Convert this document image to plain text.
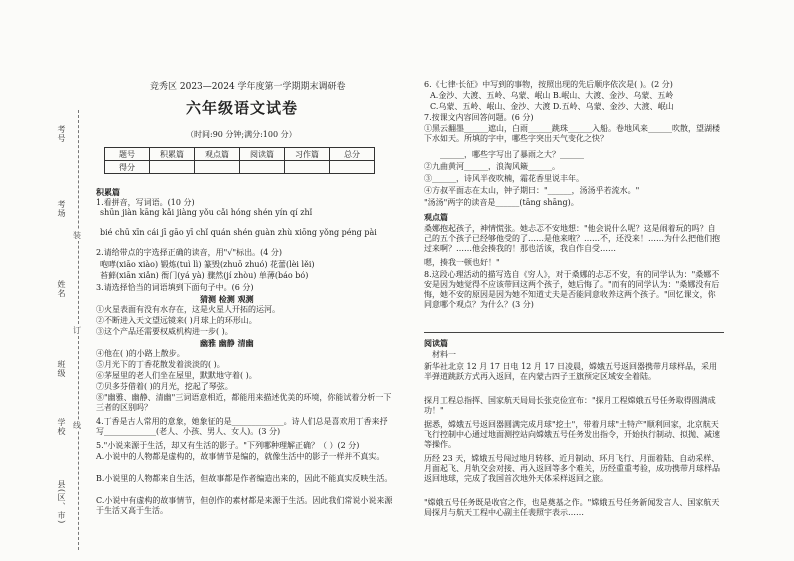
考号
考场
姓名
班级
学校
县(区、市)
装
订
线
竞秀区 2023—2024 学年度第一学期期末调研卷
六年级语文试卷
（时间:90 分钟;满分:100 分）
题号	积累篇	观点篇	阅读篇	习作篇	总分
得分					
积累篇
1.看拼音，写词语。(10 分)
shūn jiàn kāng kǎi jiàng yǒu cǎi hóng shén yín qí zhǐ
bié chū xīn cái jī gāo yī chǐ quán shén guàn zhù xiōng yǒng péng pài
2.请给带点的字选择正确的读音，用"√"标出。(4 分)
咆哮(xiāo xiào) 锻炼(tuì lì) 篆毁(zhuō zhuó) 花蕾(lèi lěi)
苔藓(xiān xiǎn) 衙门(yá yà) 骤然(jí zhòu) 单薄(báo bó)
3.请选择恰当的词语填到下面句子中。(6 分)
猜测 检测 观测
①火星表面有没有水存在，这是火星人开拓的运河。
②不断进入天文望远镜来( )月球上的环形山。
③这个产品还需要权威机构进一步( )。
幽雅 幽静 清幽
④他在( )的小路上散步。
⑤月光下的丁香花散发着淡淡的( )。
⑥茅屋里的老人们坐在屋里，默默地守着( )。
⑦贝多芬借着( )的月光，挖起了琴弦。
⑧"幽雅、幽静、清幽"三词语意相近，都能用来描述优美的环境，你能试着分析一下三者的区别吗？
4.丁香是古人常用的意象，她象征的是_____________。诗人们总是喜欢用丁香来抒写_____________(老人、小孩、男人、女人)。(3 分)
5."小说来源于生活，却又有生活的影子。"下列哪种理解正确？（ ）(2 分)
A.小说中的人物都是虚构的，故事情节是编的，就像生活中的影子一样并不真实。
B.小说里的人物都来自生活，但故事都是作者编造出来的，因此不能真实反映生活。
C.小说中有虚构的故事情节，但创作的素材都是来源于生活。因此我们常说小说来源于生活又高于生活。
6.《七律·长征》中写到的事物，按照出现的先后顺序依次是( )。(2 分)
A.金沙、大渡、五岭、乌蒙、岷山 B.岷山、大渡、金沙、乌蒙、五岭
C.乌蒙、五岭、岷山、金沙、大渡 D.五岭、乌蒙、金沙、大渡、岷山
7.按课文内容回答问题。(6 分)
①黑云翻墨______遮山，白雨______跳珠______入船。卷地风来______吹散，望湖楼下水如天。所填的字中，哪些字突出天气变化之快？
______，哪些字写出了暴雨之大？______
②九曲黄河______，浪淘风簸______。
③______，诗风半夜吹楠，霜花香里说丰年。
④方叔平面志在太山，钟子期曰："______，汤汤乎若流水。"
"汤汤"两字的读音是______(tāng shāng)。
观点篇
桑娜抱起孩子，神情慌张。她忐忑不安地想："他会说什么呢？这是闹着玩的吗？自己的五个孩子已经够他受的了……是他来啦？……不，还没来！……为什么把他们抱过来啊？……他会揍我的！那也活该，我自作自受……
嗯，揍我一顿也好！"
8.这段心理活动的描写选自《穷人》，对于桑娜的忐忑不安，有的同学认为："桑娜不安是因为她觉得不应该带回这两个孩子，她后悔了。"而有的同学认为："桑娜没有后悔，她不安的原因是因为她不知道丈夫是否能同意收养这两个孩子。"回忆课文，你同意哪个观点？为什么？(3 分)
阅读篇
材料一
新华社北京 12 月 17 日电 12 月 17 日凌晨，嫦娥五号返回器携带月球样品，采用半弹道跳跃方式再入返回，在内蒙古四子王旗预定区域安全着陆。
探月工程总指挥、国家航天局局长张克俭宣布："探月工程嫦娥五号任务取得圆满成功！"
据悉，嫦娥五号返回器圆满完成月球"挖土"，带着月球"土特产"顺利回家，北京航天飞行控制中心通过地面测控站向嫦娥五号任务发出指令，开始执行制动、拟抛、减速等操作。
历经 23 天，嫦娥五号闯过地月转移、近月制动、环月飞行、月面着陆、自动采样、月面起飞、月轨交会对接、再入返回等多个难关，历经重重考验，成功携带月球样品返回地球，完成了我国首次地外天体采样返回之旅。
"嫦娥五号任务既是收官之作，也是奠基之作。"嫦娥五号任务新闻发言人、国家航天局探月与航天工程中心副主任裴照宇表示……
